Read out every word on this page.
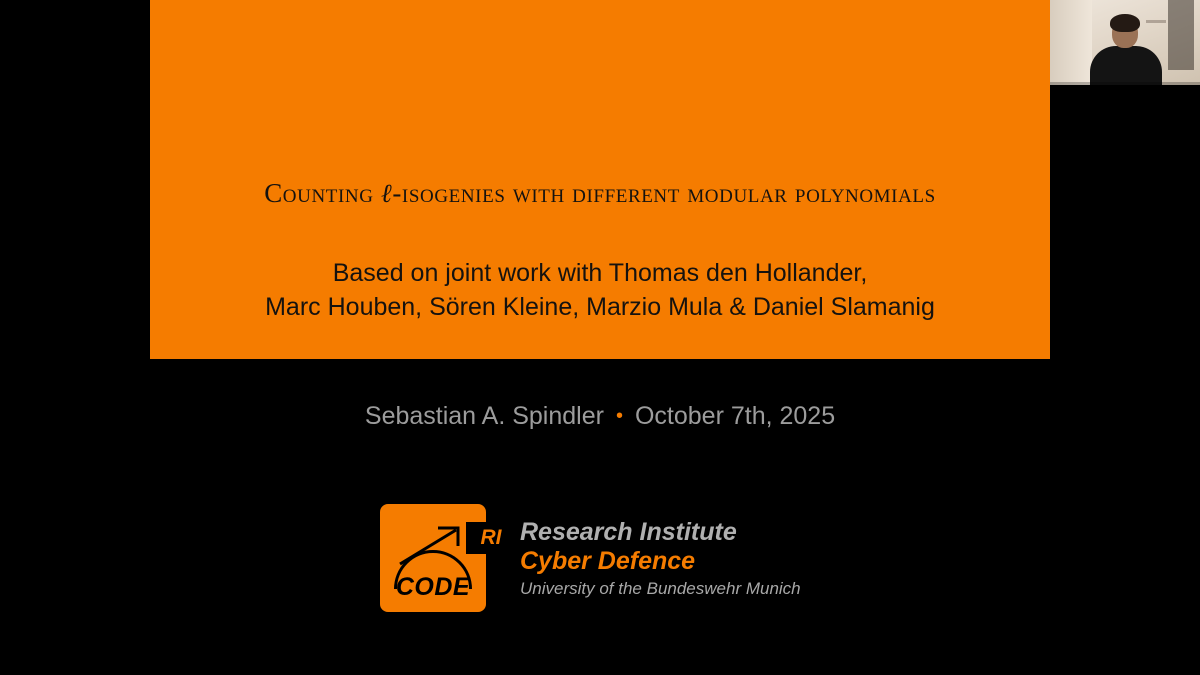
Counting ℓ-isogenies with different modular polynomials
Based on joint work with Thomas den Hollander,
Marc Houben, Sören Kleine, Marzio Mula & Daniel Slamanig
Sebastian A. Spindler • October 7th, 2025
CODE
RI Research Institute
Cyber Defence
University of the Bundeswehr Munich
